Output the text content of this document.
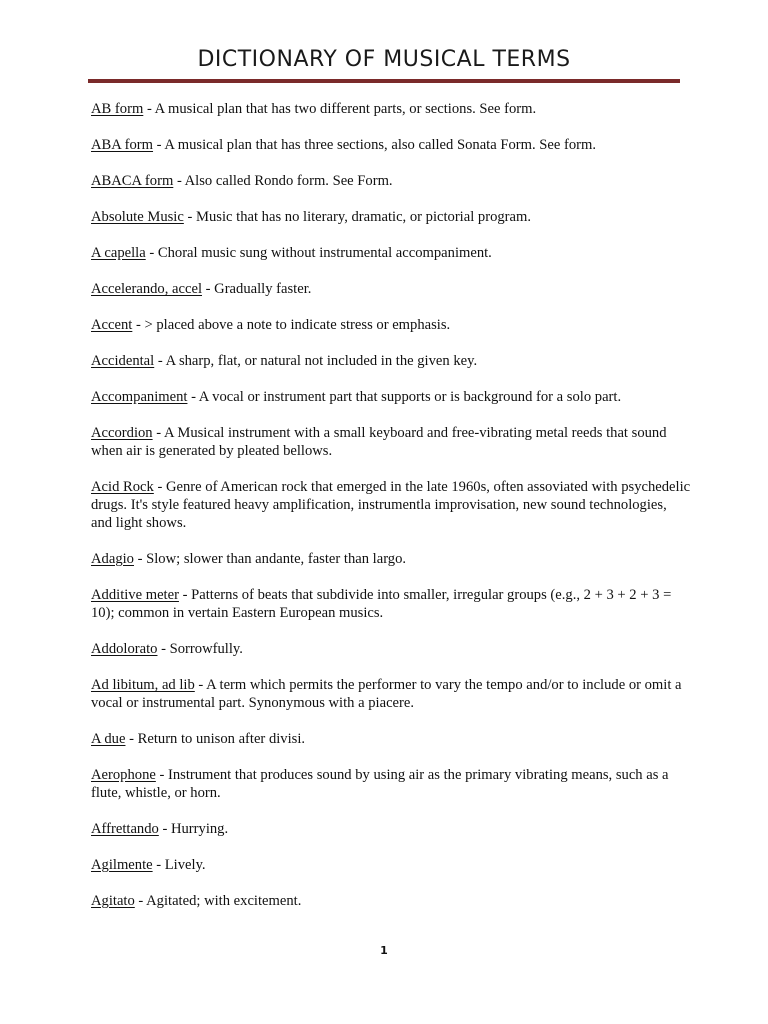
DICTIONARY OF MUSICAL TERMS
AB form - A musical plan that has two different parts, or sections. See form.
ABA form - A musical plan that has three sections, also called Sonata Form. See form.
ABACA form - Also called Rondo form. See Form.
Absolute Music - Music that has no literary, dramatic, or pictorial program.
A capella - Choral music sung without instrumental accompaniment.
Accelerando, accel - Gradually faster.
Accent - > placed above a note to indicate stress or emphasis.
Accidental - A sharp, flat, or natural not included in the given key.
Accompaniment - A vocal or instrument part that supports or is background for a solo part.
Accordion - A Musical instrument with a small keyboard and free-vibrating metal reeds that sound when air is generated by pleated bellows.
Acid Rock - Genre of American rock that emerged in the late 1960s, often assoviated with psychedelic drugs. It's style featured heavy amplification, instrumentla improvisation, new sound technologies, and light shows.
Adagio - Slow; slower than andante, faster than largo.
Additive meter - Patterns of beats that subdivide into smaller, irregular groups (e.g., 2 + 3 + 2 + 3 = 10); common in vertain Eastern European musics.
Addolorato - Sorrowfully.
Ad libitum, ad lib - A term which permits the performer to vary the tempo and/or to include or omit a vocal or instrumental part. Synonymous with a piacere.
A due - Return to unison after divisi.
Aerophone - Instrument that produces sound by using air as the primary vibrating means, such as a flute, whistle, or horn.
Affrettando - Hurrying.
Agilmente - Lively.
Agitato - Agitated; with excitement.
1
